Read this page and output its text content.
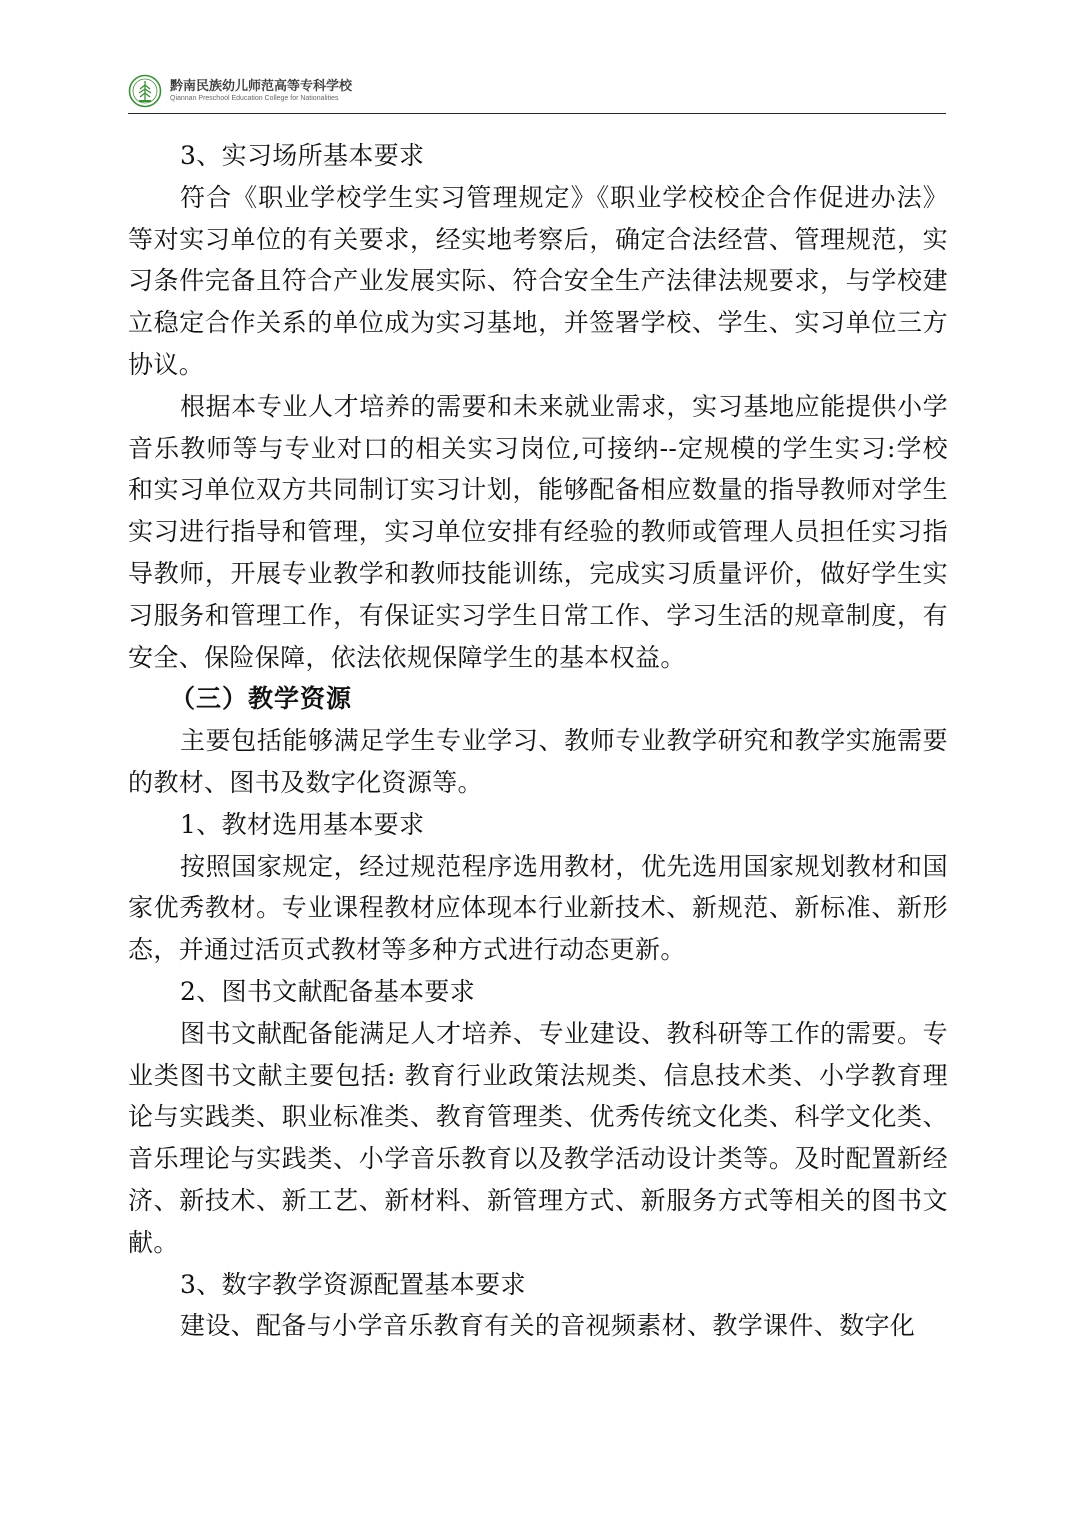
黔南民族幼儿师范高等专科学校
Qiannan Preschool Education College for Nationalities

3、实习场所基本要求

符合《职业学校学生实习管理规定》《职业学校校企合作促进办法》等对实习单位的有关要求，经实地考察后，确定合法经营、管理规范，实习条件完备且符合产业发展实际、符合安全生产法律法规要求，与学校建立稳定合作关系的单位成为实习基地，并签署学校、学生、实习单位三方协议。

根据本专业人才培养的需要和未来就业需求，实习基地应能提供小学音乐教师等与专业对口的相关实习岗位,可接纳--定规模的学生实习:学校和实习单位双方共同制订实习计划，能够配备相应数量的指导教师对学生实习进行指导和管理，实习单位安排有经验的教师或管理人员担任实习指导教师，开展专业教学和教师技能训练，完成实习质量评价，做好学生实习服务和管理工作，有保证实习学生日常工作、学习生活的规章制度，有安全、保险保障，依法依规保障学生的基本权益。

（三）教学资源

主要包括能够满足学生专业学习、教师专业教学研究和教学实施需要的教材、图书及数字化资源等。

1、教材选用基本要求

按照国家规定，经过规范程序选用教材，优先选用国家规划教材和国家优秀教材。专业课程教材应体现本行业新技术、新规范、新标准、新形态，并通过活页式教材等多种方式进行动态更新。

2、图书文献配备基本要求

图书文献配备能满足人才培养、专业建设、教科研等工作的需要。专业类图书文献主要包括: 教育行业政策法规类、信息技术类、小学教育理论与实践类、职业标准类、教育管理类、优秀传统文化类、科学文化类、音乐理论与实践类、小学音乐教育以及教学活动设计类等。及时配置新经济、新技术、新工艺、新材料、新管理方式、新服务方式等相关的图书文献。

3、数字教学资源配置基本要求

建设、配备与小学音乐教育有关的音视频素材、教学课件、数字化
